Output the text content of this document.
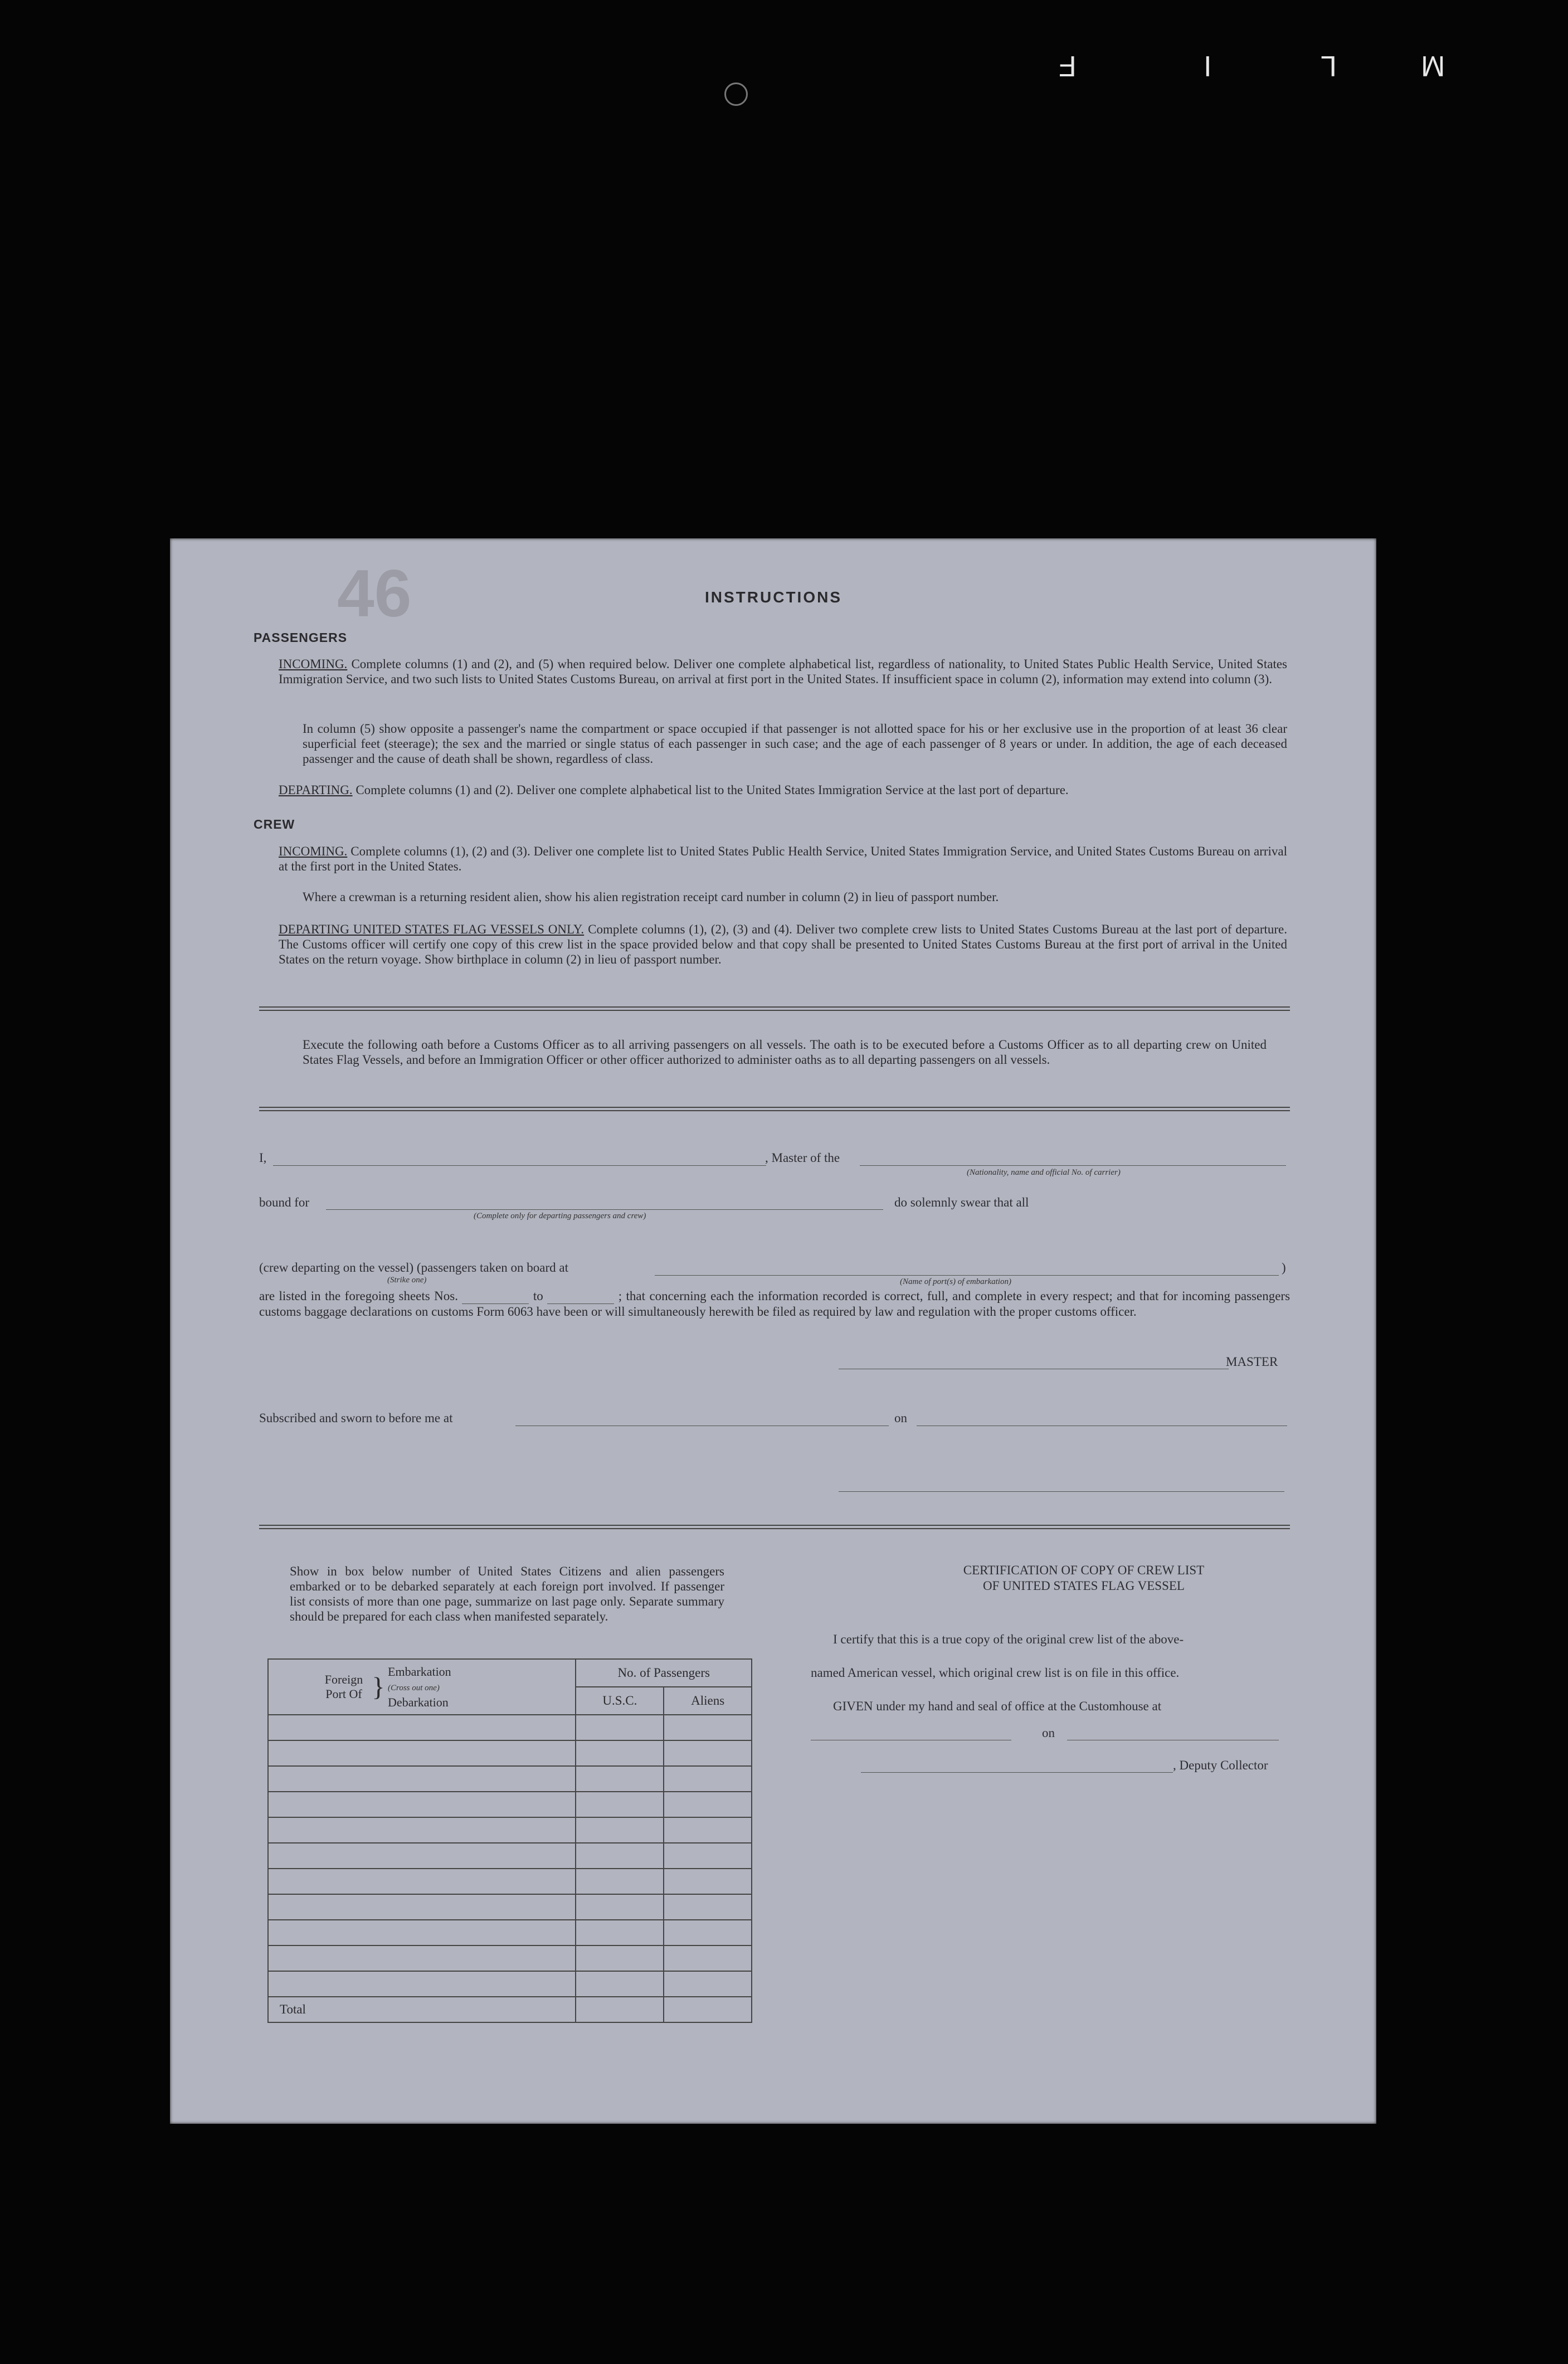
F	I	L	M
46	INSTRUCTIONS
PASSENGERS
INCOMING. Complete columns (1) and (2), and (5) when required below. Deliver one complete alphabetical list, regardless of nationality, to United States Public Health Service, United States Immigration Service, and two such lists to United States Customs Bureau, on arrival at first port in the United States. If insufficient space in column (2), information may extend into column (3).
In column (5) show opposite a passenger's name the compartment or space occupied if that passenger is not allotted space for his or her exclusive use in the proportion of at least 36 clear superficial feet (steerage); the sex and the married or single status of each passenger in such case; and the age of each passenger of 8 years or under. In addition, the age of each deceased passenger and the cause of death shall be shown, regardless of class.
DEPARTING. Complete columns (1) and (2). Deliver one complete alphabetical list to the United States Immigration Service at the last port of departure.
CREW
INCOMING. Complete columns (1), (2) and (3). Deliver one complete list to United States Public Health Service, United States Immigration Service, and United States Customs Bureau on arrival at the first port in the United States.
Where a crewman is a returning resident alien, show his alien registration receipt card number in column (2) in lieu of passport number.
DEPARTING UNITED STATES FLAG VESSELS ONLY. Complete columns (1), (2), (3) and (4). Deliver two complete crew lists to United States Customs Bureau at the last port of departure. The Customs officer will certify one copy of this crew list in the space provided below and that copy shall be presented to United States Customs Bureau at the first port of arrival in the United States on the return voyage. Show birthplace in column (2) in lieu of passport number.
Execute the following oath before a Customs Officer as to all arriving passengers on all vessels. The oath is to be executed before a Customs Officer as to all departing crew on United States Flag Vessels, and before an Immigration Officer or other officer authorized to administer oaths as to all departing passengers on all vessels.
I,	, Master of the
(Nationality, name and official No. of carrier)
bound for
(Complete only for departing passengers and crew)
do solemnly swear that all
(crew departing on the vessel) (passengers taken on board at
(Strike one)	(Name of port(s) of embarkation)
)
are listed in the foregoing sheets Nos.	to	; that concerning each the information recorded is correct, full, and complete in every respect; and that for incoming passengers customs baggage declarations on customs Form 6063 have been or will simultaneously herewith be filed as required by law and regulation with the proper customs officer.
MASTER
Subscribed and sworn to before me at	on
Show in box below number of United States Citizens and alien passengers embarked or to be debarked separately at each foreign port involved. If passenger list consists of more than one page, summarize on last page only. Separate summary should be prepared for each class when manifested separately.
Foreign Port Of } Embarkation
(Cross out one)
Debarkation	No. of Passengers	
	U.S.C.	Aliens

Total		
CERTIFICATION OF COPY OF CREW LIST
OF UNITED STATES FLAG VESSEL
I certify that this is a true copy of the original crew list of the above-
named American vessel, which original crew list is on file in this office.
GIVEN under my hand and seal of office at the Customhouse at
on
, Deputy Collector
